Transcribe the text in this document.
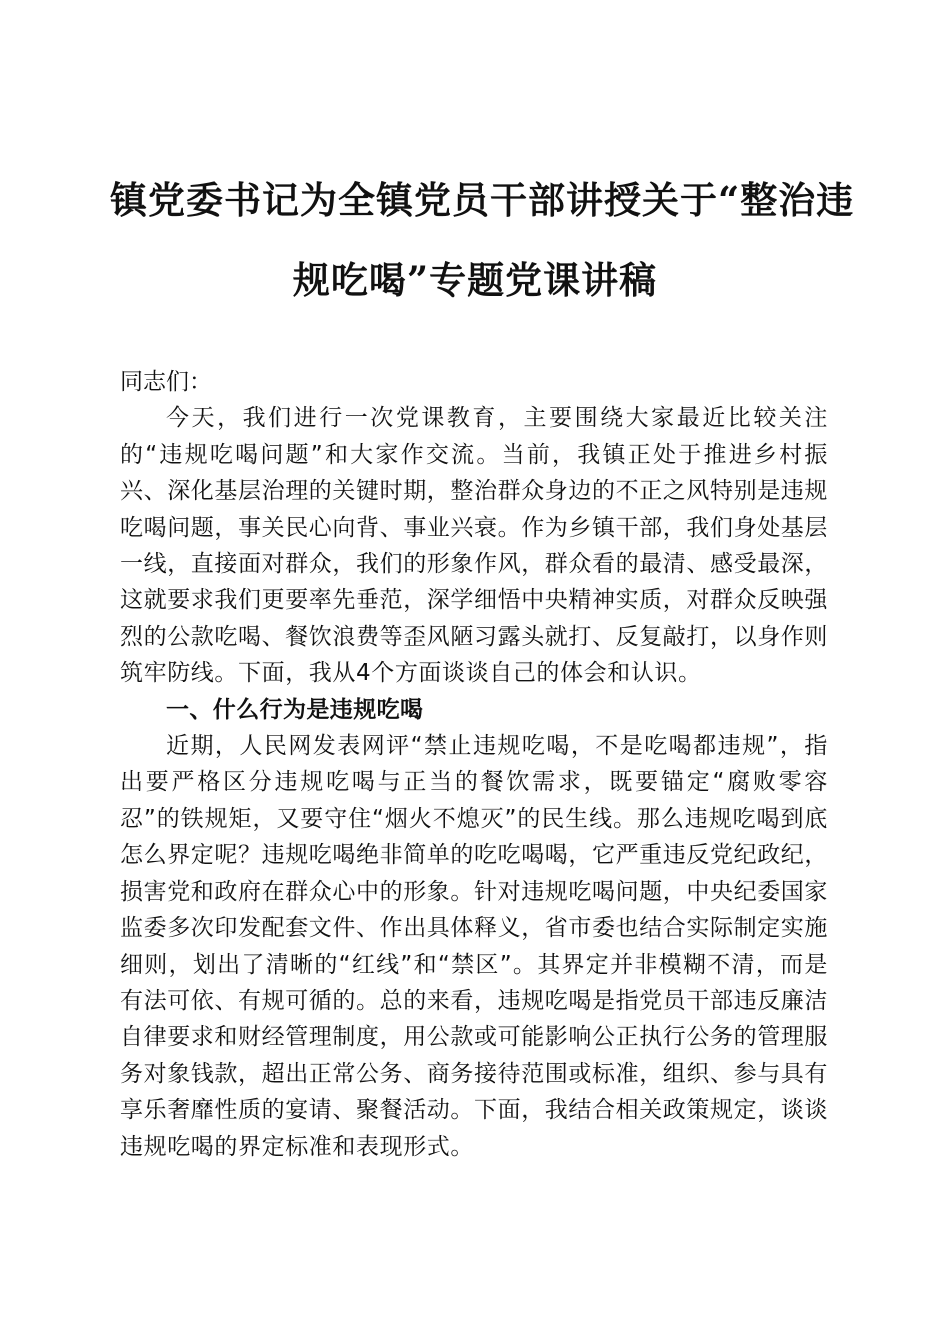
镇党委书记为全镇党员干部讲授关于“整治违
规吃喝”专题党课讲稿

同志们：

今天，我们进行一次党课教育，主要围绕大家最近比较关注的“违规吃喝问题”和大家作交流。当前，我镇正处于推进乡村振兴、深化基层治理的关键时期，整治群众身边的不正之风特别是违规吃喝问题，事关民心向背、事业兴衰。作为乡镇干部，我们身处基层一线，直接面对群众，我们的形象作风，群众看的最清、感受最深，这就要求我们更要率先垂范，深学细悟中央精神实质，对群众反映强烈的公款吃喝、餐饮浪费等歪风陋习露头就打、反复敲打，以身作则筑牢防线。下面，我从4个方面谈谈自己的体会和认识。

一、什么行为是违规吃喝

近期，人民网发表网评“禁止违规吃喝，不是吃喝都违规”，指出要严格区分违规吃喝与正当的餐饮需求，既要锚定“腐败零容忍”的铁规矩，又要守住“烟火不熄灭”的民生线。那么违规吃喝到底怎么界定呢？违规吃喝绝非简单的吃吃喝喝，它严重违反党纪政纪，损害党和政府在群众心中的形象。针对违规吃喝问题，中央纪委国家监委多次印发配套文件、作出具体释义，省市委也结合实际制定实施细则，划出了清晰的“红线”和“禁区”。其界定并非模糊不清，而是有法可依、有规可循的。总的来看，违规吃喝是指党员干部违反廉洁自律要求和财经管理制度，用公款或可能影响公正执行公务的管理服务对象钱款，超出正常公务、商务接待范围或标准，组织、参与具有享乐奢靡性质的宴请、聚餐活动。下面，我结合相关政策规定，谈谈违规吃喝的界定标准和表现形式。
